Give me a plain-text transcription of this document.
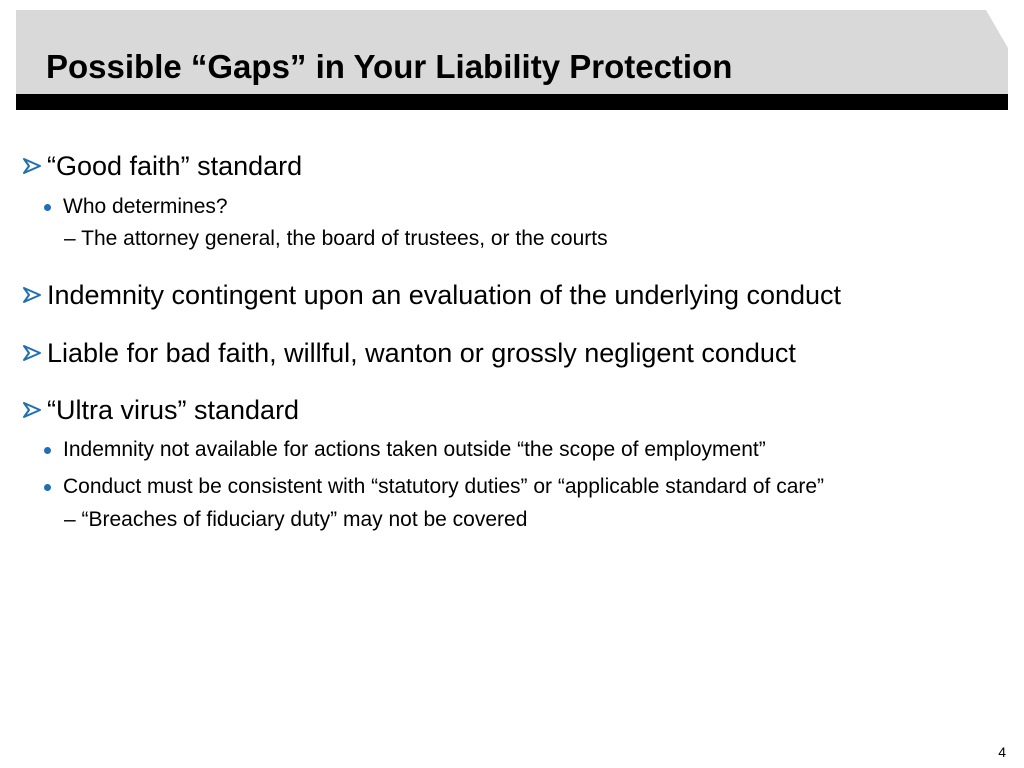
Possible “Gaps” in Your Liability Protection
“Good faith” standard
Who determines?
– The attorney general, the board of trustees, or the courts
Indemnity contingent upon an evaluation of the underlying conduct
Liable for bad faith, willful, wanton or grossly negligent conduct
“Ultra virus” standard
Indemnity not available for actions taken outside “the scope of employment”
Conduct must be consistent with “statutory duties” or “applicable standard of care”
– “Breaches of fiduciary duty” may not be covered
4
